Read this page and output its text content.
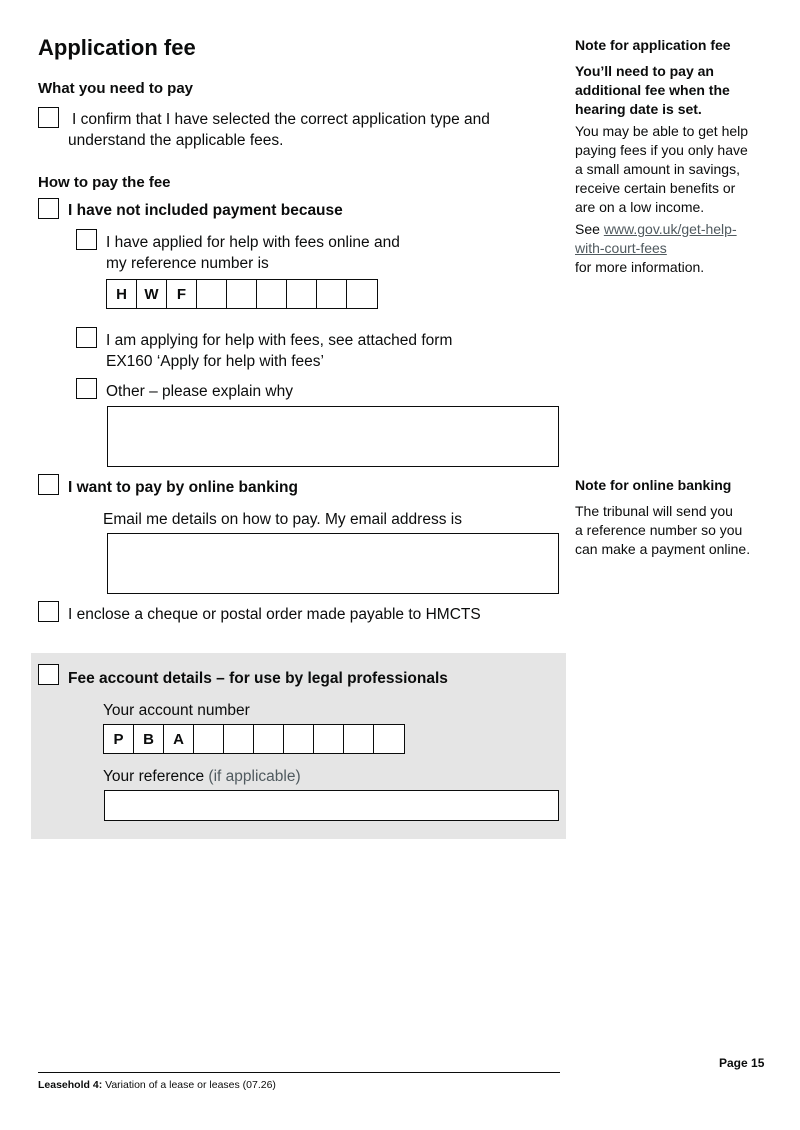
Application fee
What you need to pay
I confirm that I have selected the correct application type and
understand the applicable fees.
How to pay the fee
I have not included payment because
I have applied for help with fees online and
my reference number is
H	W	F
I am applying for help with fees, see attached form
EX160 ‘Apply for help with fees’
Other – please explain why
I want to pay by online banking
Email me details on how to pay. My email address is
I enclose a cheque or postal order made payable to HMCTS
Fee account details – for use by legal professionals
Your account number
P	B	A
Your reference (if applicable)
Note for application fee
You’ll need to pay an
additional fee when the
hearing date is set.
You may be able to get help
paying fees if you only have
a small amount in savings,
receive certain benefits or
are on a low income.
See www.gov.uk/get-help-
with-court-fees
for more information.
Note for online banking
The tribunal will send you
a reference number so you
can make a payment online.
Page 15
Leasehold 4: Variation of a lease or leases (07.26)
